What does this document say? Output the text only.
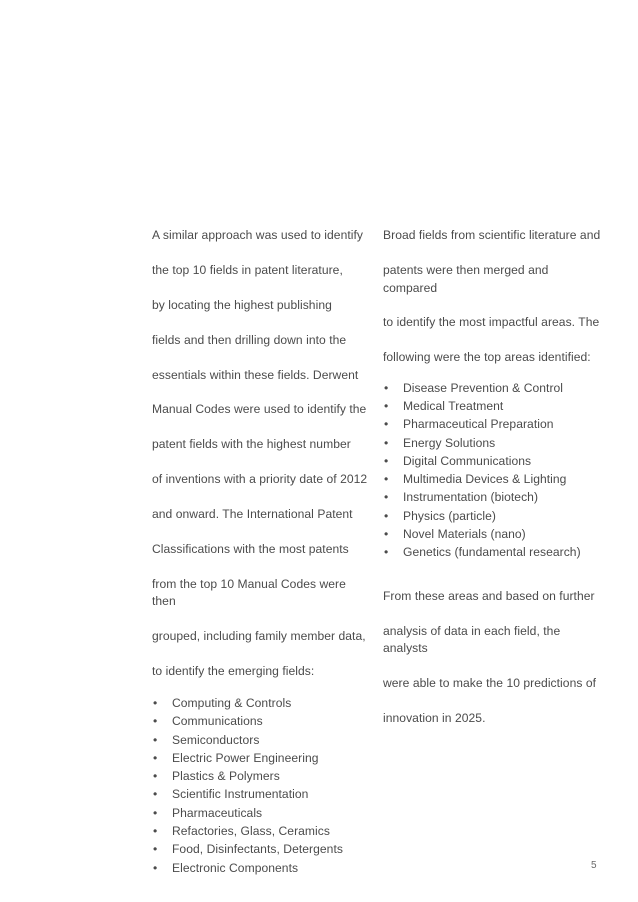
A similar approach was used to identify

the top 10 fields in patent literature,

by locating the highest publishing

fields and then drilling down into the

essentials within these fields. Derwent

Manual Codes were used to identify the

patent fields with the highest number

of inventions with a priority date of 2012

and onward. The International Patent

Classifications with the most patents

from the top 10 Manual Codes were then

grouped, including family member data,

to identify the emerging fields:

• Computing & Controls
• Communications
• Semiconductors
• Electric Power Engineering
• Plastics & Polymers
• Scientific Instrumentation
• Pharmaceuticals
• Refactories, Glass, Ceramics
• Food, Disinfectants, Detergents
• Electronic Components

Broad fields from scientific literature and

patents were then merged and compared

to identify the most impactful areas. The

following were the top areas identified:

• Disease Prevention & Control
• Medical Treatment
• Pharmaceutical Preparation
• Energy Solutions
• Digital Communications
• Multimedia Devices & Lighting
• Instrumentation (biotech)
• Physics (particle)
• Novel Materials (nano)
• Genetics (fundamental research)

From these areas and based on further

analysis of data in each field, the analysts

were able to make the 10 predictions of

innovation in 2025.

5
